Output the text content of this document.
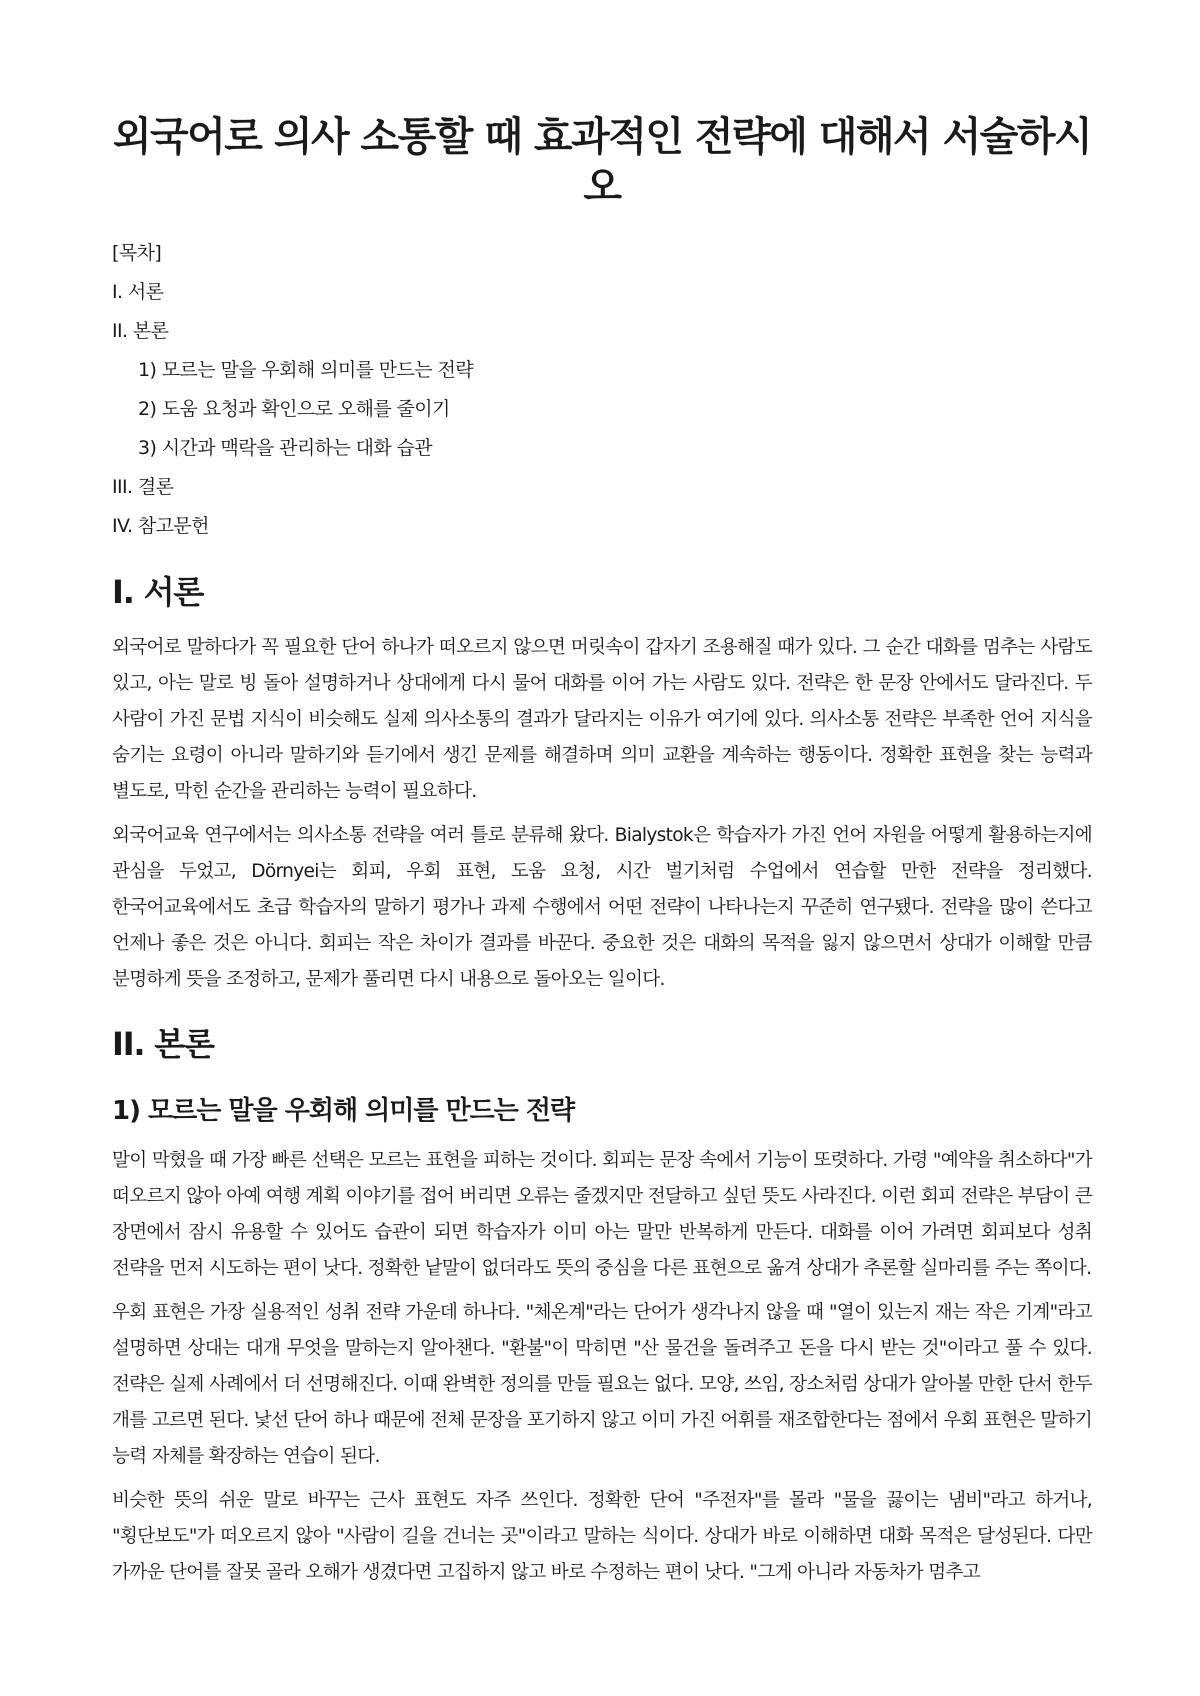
외국어로 의사 소통할 때 효과적인 전략에 대해서 서술하시오

[목차]

I. 서론

II. 본론

1) 모르는 말을 우회해 의미를 만드는 전략

2) 도움 요청과 확인으로 오해를 줄이기

3) 시간과 맥락을 관리하는 대화 습관

III. 결론

IV. 참고문헌

I. 서론

외국어로 말하다가 꼭 필요한 단어 하나가 떠오르지 않으면 머릿속이 갑자기 조용해질 때가 있다. 그 순간 대화를 멈추는 사람도 있고, 아는 말로 빙 돌아 설명하거나 상대에게 다시 물어 대화를 이어 가는 사람도 있다. 전략은 한 문장 안에서도 달라진다. 두 사람이 가진 문법 지식이 비슷해도 실제 의사소통의 결과가 달라지는 이유가 여기에 있다. 의사소통 전략은 부족한 언어 지식을 숨기는 요령이 아니라 말하기와 듣기에서 생긴 문제를 해결하며 의미 교환을 계속하는 행동이다. 정확한 표현을 찾는 능력과 별도로, 막힌 순간을 관리하는 능력이 필요하다.

외국어교육 연구에서는 의사소통 전략을 여러 틀로 분류해 왔다. Bialystok은 학습자가 가진 언어 자원을 어떻게 활용하는지에 관심을 두었고, Dörnyei는 회피, 우회 표현, 도움 요청, 시간 벌기처럼 수업에서 연습할 만한 전략을 정리했다. 한국어교육에서도 초급 학습자의 말하기 평가나 과제 수행에서 어떤 전략이 나타나는지 꾸준히 연구됐다. 전략을 많이 쓴다고 언제나 좋은 것은 아니다. 회피는 작은 차이가 결과를 바꾼다. 중요한 것은 대화의 목적을 잃지 않으면서 상대가 이해할 만큼 분명하게 뜻을 조정하고, 문제가 풀리면 다시 내용으로 돌아오는 일이다.

II. 본론
1) 모르는 말을 우회해 의미를 만드는 전략

말이 막혔을 때 가장 빠른 선택은 모르는 표현을 피하는 것이다. 회피는 문장 속에서 기능이 또렷하다. 가령 "예약을 취소하다"가 떠오르지 않아 아예 여행 계획 이야기를 접어 버리면 오류는 줄겠지만 전달하고 싶던 뜻도 사라진다. 이런 회피 전략은 부담이 큰 장면에서 잠시 유용할 수 있어도 습관이 되면 학습자가 이미 아는 말만 반복하게 만든다. 대화를 이어 가려면 회피보다 성취 전략을 먼저 시도하는 편이 낫다. 정확한 낱말이 없더라도 뜻의 중심을 다른 표현으로 옮겨 상대가 추론할 실마리를 주는 쪽이다.

우회 표현은 가장 실용적인 성취 전략 가운데 하나다. "체온계"라는 단어가 생각나지 않을 때 "열이 있는지 재는 작은 기계"라고 설명하면 상대는 대개 무엇을 말하는지 알아챈다. "환불"이 막히면 "산 물건을 돌려주고 돈을 다시 받는 것"이라고 풀 수 있다. 전략은 실제 사례에서 더 선명해진다. 이때 완벽한 정의를 만들 필요는 없다. 모양, 쓰임, 장소처럼 상대가 알아볼 만한 단서 한두 개를 고르면 된다. 낯선 단어 하나 때문에 전체 문장을 포기하지 않고 이미 가진 어휘를 재조합한다는 점에서 우회 표현은 말하기 능력 자체를 확장하는 연습이 된다.

비슷한 뜻의 쉬운 말로 바꾸는 근사 표현도 자주 쓰인다. 정확한 단어 "주전자"를 몰라 "물을 끓이는 냄비"라고 하거나, "횡단보도"가 떠오르지 않아 "사람이 길을 건너는 곳"이라고 말하는 식이다. 상대가 바로 이해하면 대화 목적은 달성된다. 다만 가까운 단어를 잘못 골라 오해가 생겼다면 고집하지 않고 바로 수정하는 편이 낫다. "그게 아니라 자동차가 멈추고
